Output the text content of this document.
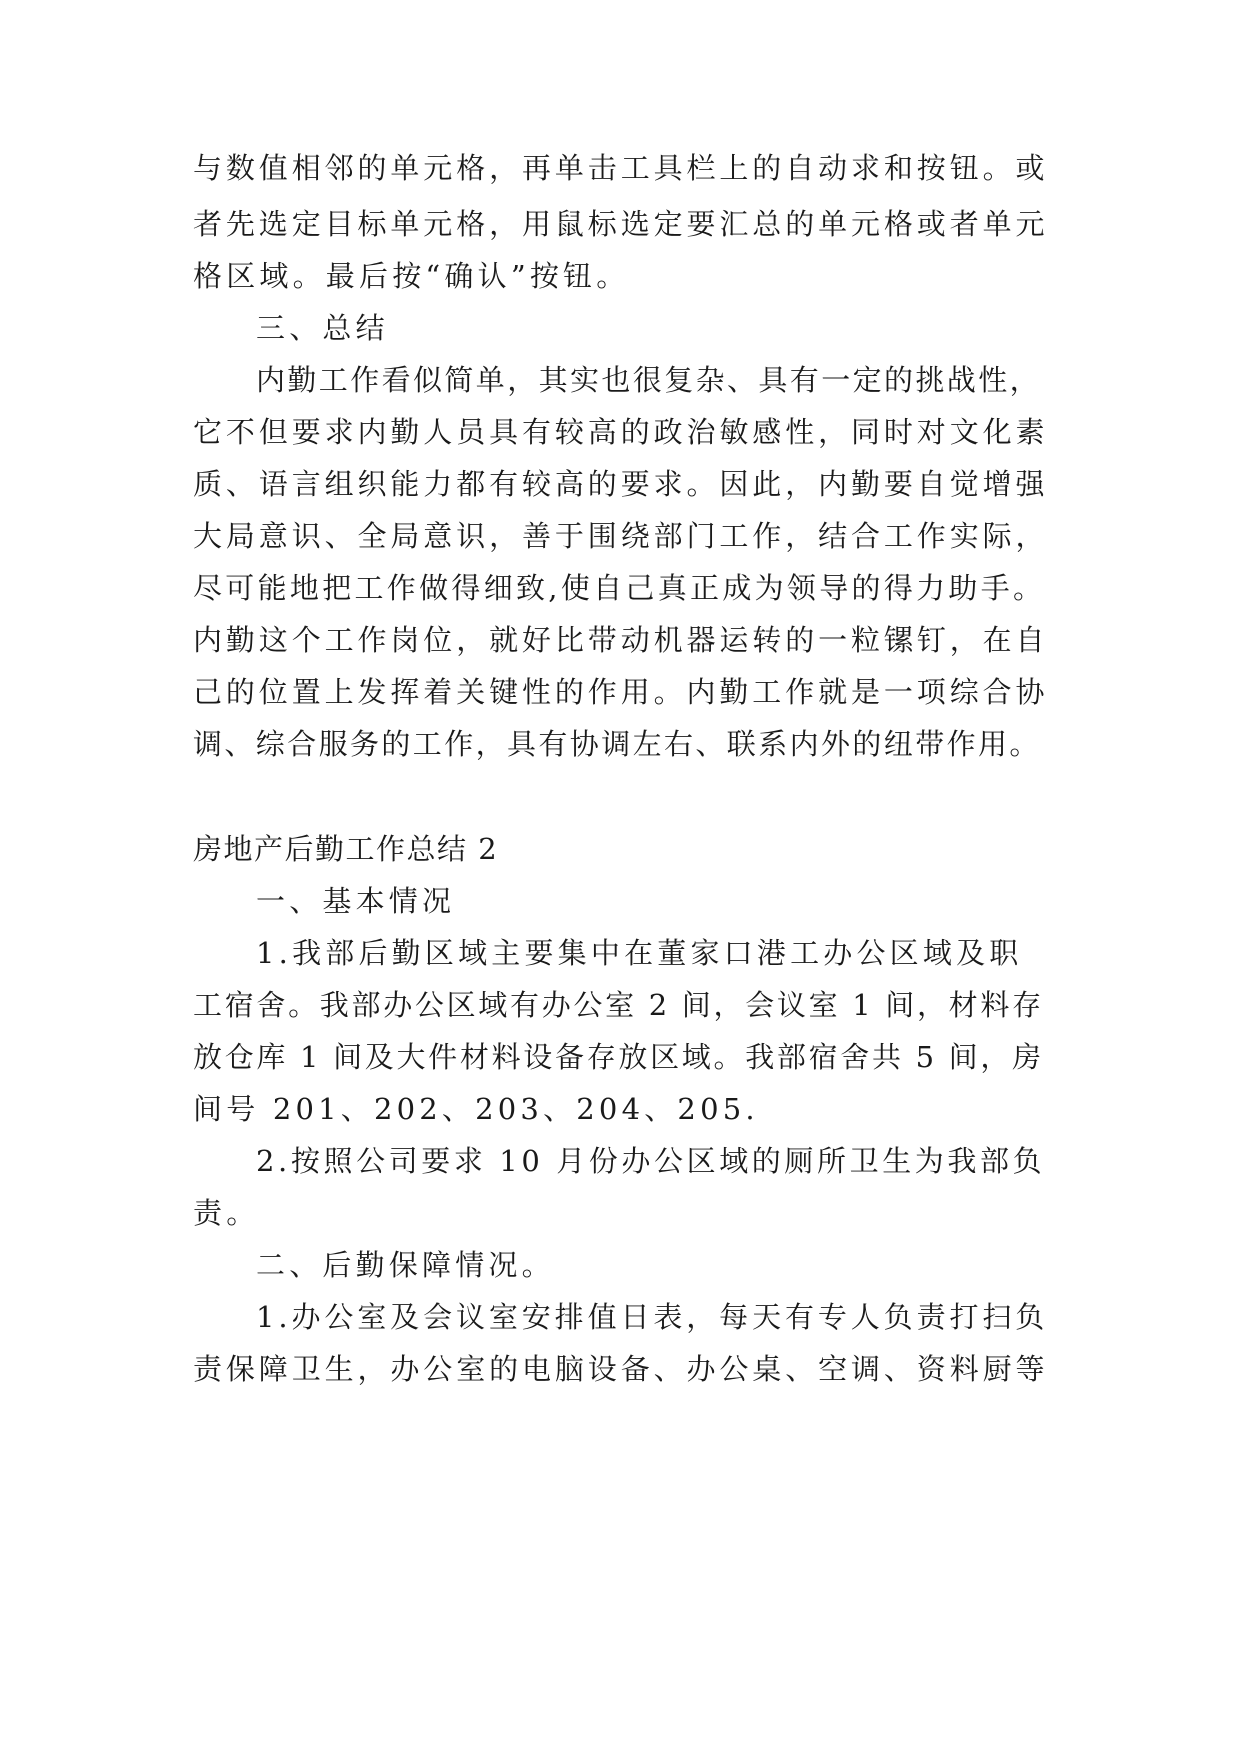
与数值相邻的单元格，再单击工具栏上的自动求和按钮。或
者先选定目标单元格，用鼠标选定要汇总的单元格或者单元
格区域。最后按“确认”按钮。
三、总结
内勤工作看似简单，其实也很复杂、具有一定的挑战性，
它不但要求内勤人员具有较高的政治敏感性，同时对文化素
质、语言组织能力都有较高的要求。因此，内勤要自觉增强
大局意识、全局意识，善于围绕部门工作，结合工作实际，
尽可能地把工作做得细致,使自己真正成为领导的得力助手。
内勤这个工作岗位，就好比带动机器运转的一粒镙钉，在自
己的位置上发挥着关键性的作用。内勤工作就是一项综合协
调、综合服务的工作，具有协调左右、联系内外的纽带作用。
房地产后勤工作总结 2
一、基本情况
1.我部后勤区域主要集中在董家口港工办公区域及职
工宿舍。我部办公区域有办公室 2 间，会议室 1 间，材料存
放仓库 1 间及大件材料设备存放区域。我部宿舍共 5 间，房
间号 201、202、203、204、205.
2.按照公司要求 10 月份办公区域的厕所卫生为我部负
责。
二、后勤保障情况。
1.办公室及会议室安排值日表，每天有专人负责打扫负
责保障卫生，办公室的电脑设备、办公桌、空调、资料厨等
